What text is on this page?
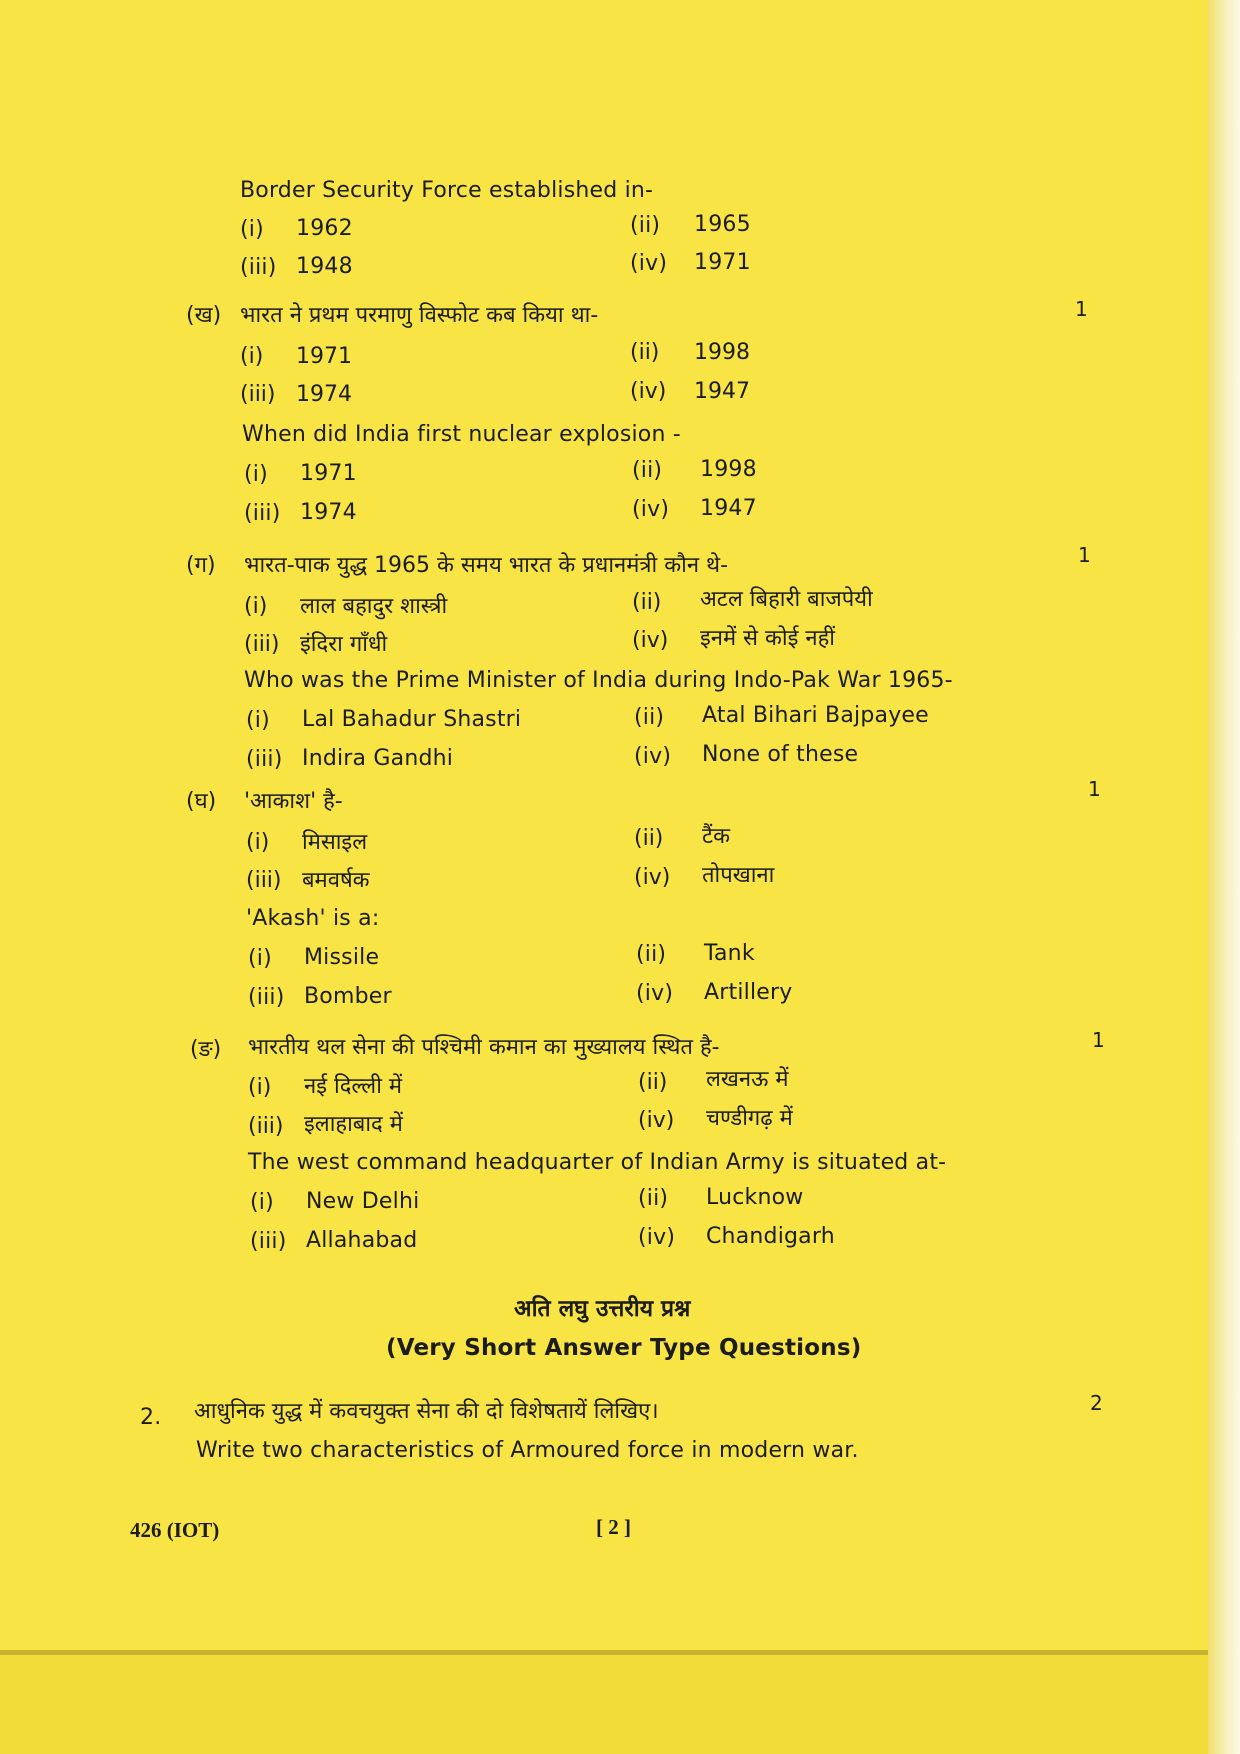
Border Security Force established in-
(i) 1962	(ii) 1965
(iii) 1948	(iv) 1971
(ख) भारत ने प्रथम परमाणु विस्फोट कब किया था-	1
(i) 1971	(ii) 1998
(iii) 1974	(iv) 1947
When did India first nuclear explosion -
(i) 1971	(ii) 1998
(iii) 1974	(iv) 1947
(ग) भारत-पाक युद्ध 1965 के समय भारत के प्रधानमंत्री कौन थे-	1
(i) लाल बहादुर शास्त्री	(ii) अटल बिहारी बाजपेयी
(iii) इंदिरा गाँधी	(iv) इनमें से कोई नहीं
Who was the Prime Minister of India during Indo-Pak War 1965-
(i) Lal Bahadur Shastri	(ii) Atal Bihari Bajpayee
(iii) Indira Gandhi	(iv) None of these
(घ) 'आकाश' है-	1
(i) मिसाइल	(ii) टैंक
(iii) बमवर्षक	(iv) तोपखाना
'Akash' is a:
(i) Missile	(ii) Tank
(iii) Bomber	(iv) Artillery
(ङ) भारतीय थल सेना की पश्चिमी कमान का मुख्यालय स्थित है-	1
(i) नई दिल्ली में	(ii) लखनऊ में
(iii) इलाहाबाद में	(iv) चण्डीगढ़ में
The west command headquarter of Indian Army is situated at-
(i) New Delhi	(ii) Lucknow
(iii) Allahabad	(iv) Chandigarh
अति लघु उत्तरीय प्रश्न
(Very Short Answer Type Questions)
2. आधुनिक युद्ध में कवचयुक्त सेना की दो विशेषतायें लिखिए।	2
Write two characteristics of Armoured force in modern war.
426 (IOT)	[ 2 ]
